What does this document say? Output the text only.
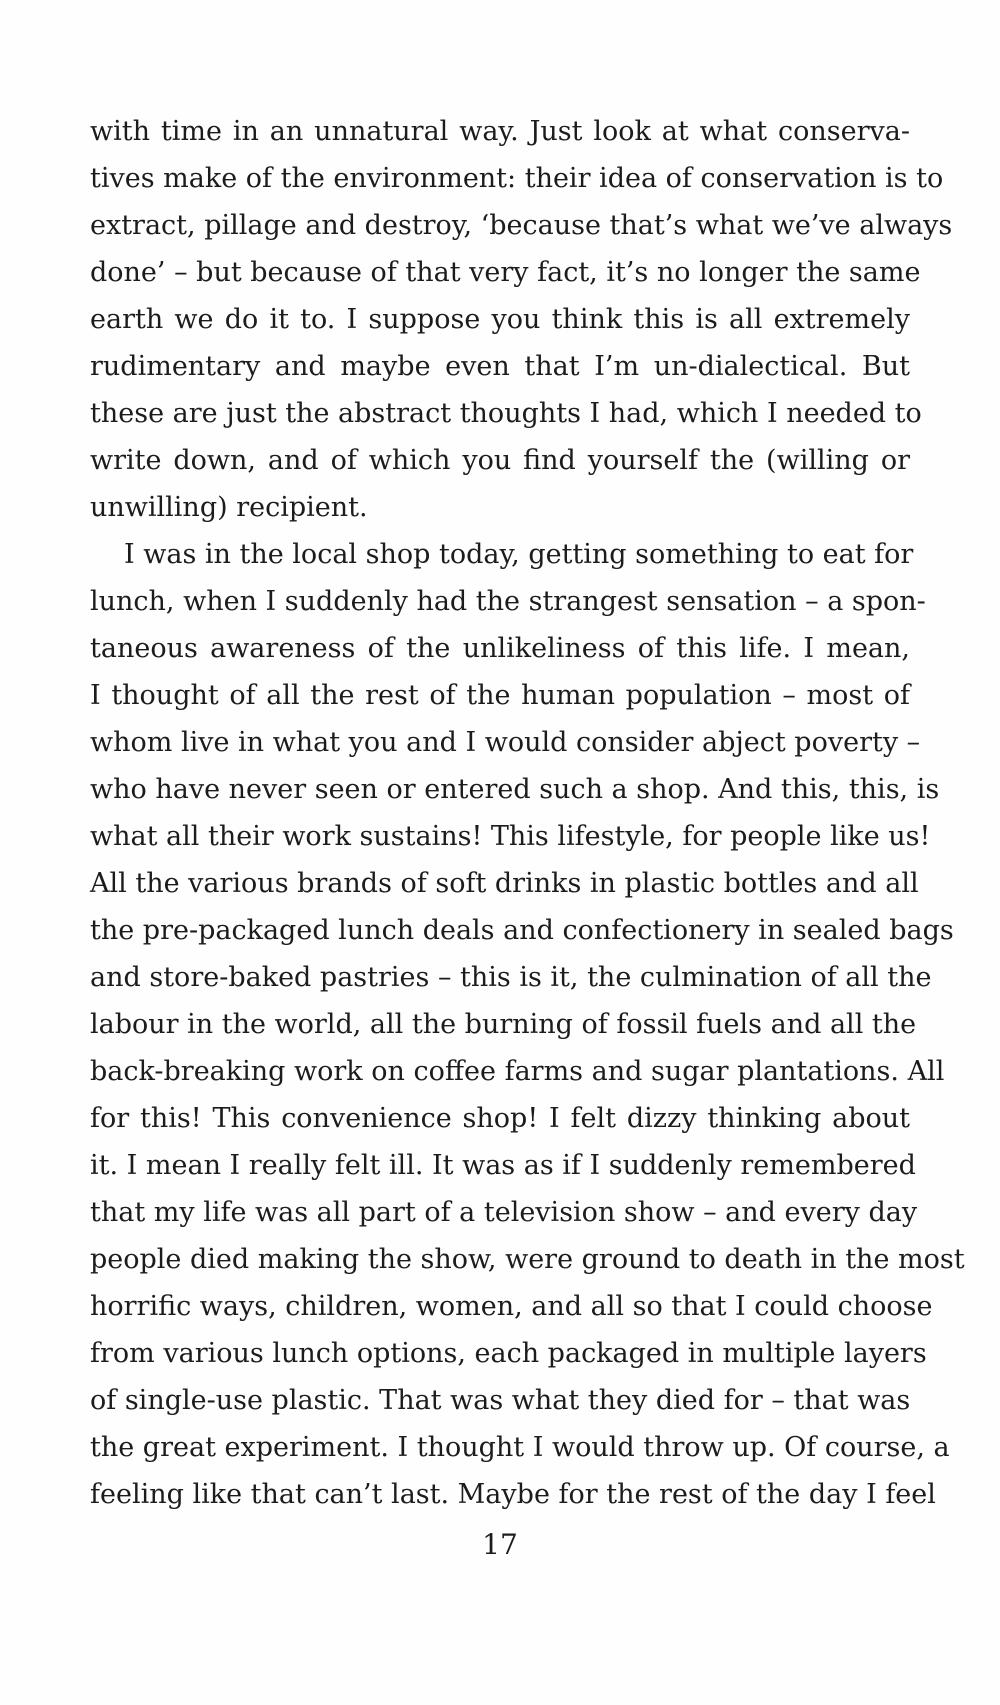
with time in an unnatural way. Just look at what conserva-
tives make of the environment: their idea of conservation is to
extract, pillage and destroy, ‘because that’s what we’ve always
done’ – but because of that very fact, it’s no longer the same
earth we do it to. I suppose you think this is all extremely
rudimentary and maybe even that I’m un-dialectical. But
these are just the abstract thoughts I had, which I needed to
write down, and of which you find yourself the (willing or
unwilling) recipient.
I was in the local shop today, getting something to eat for
lunch, when I suddenly had the strangest sensation – a spon-
taneous awareness of the unlikeliness of this life. I mean,
I thought of all the rest of the human population – most of
whom live in what you and I would consider abject poverty –
who have never seen or entered such a shop. And this, this, is
what all their work sustains! This lifestyle, for people like us!
All the various brands of soft drinks in plastic bottles and all
the pre-packaged lunch deals and confectionery in sealed bags
and store-baked pastries – this is it, the culmination of all the
labour in the world, all the burning of fossil fuels and all the
back-breaking work on coffee farms and sugar plantations. All
for this! This convenience shop! I felt dizzy thinking about
it. I mean I really felt ill. It was as if I suddenly remembered
that my life was all part of a television show – and every day
people died making the show, were ground to death in the most
horrific ways, children, women, and all so that I could choose
from various lunch options, each packaged in multiple layers
of single-use plastic. That was what they died for – that was
the great experiment. I thought I would throw up. Of course, a
feeling like that can’t last. Maybe for the rest of the day I feel
17
